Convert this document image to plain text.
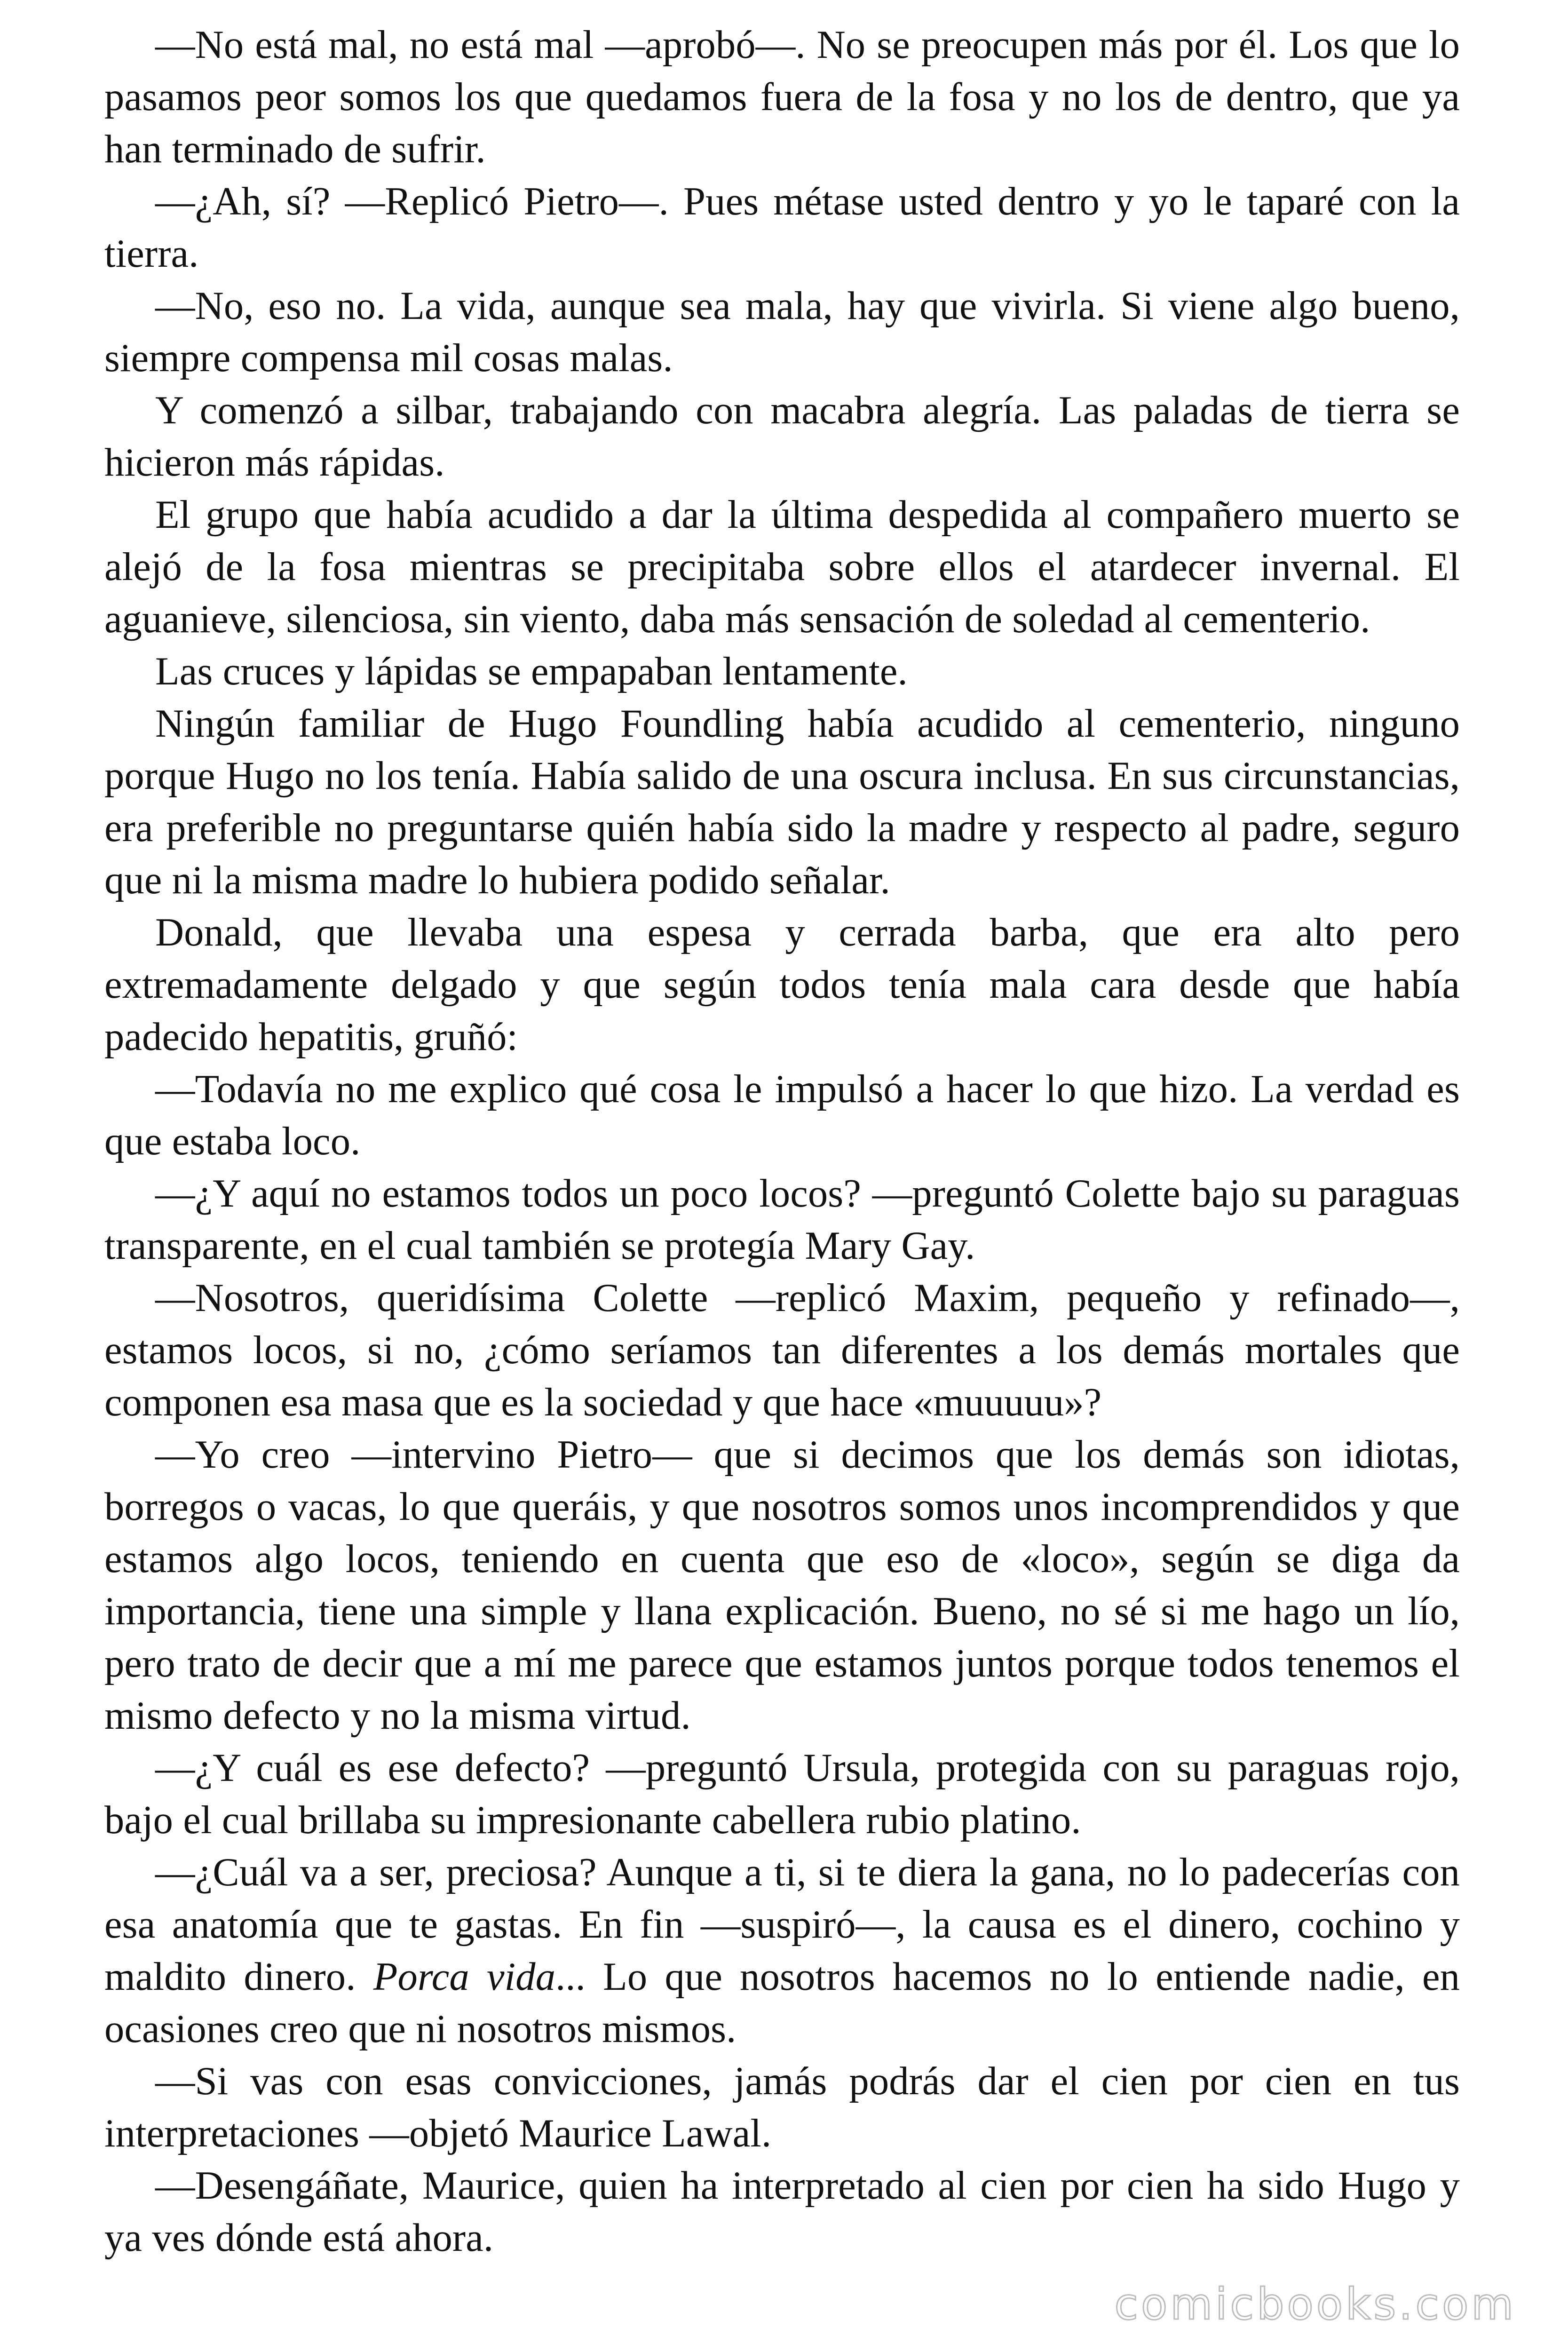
—No está mal, no está mal —aprobó—. No se preocupen más por él. Los que lo pasamos peor somos los que quedamos fuera de la fosa y no los de dentro, que ya han terminado de sufrir.

—¿Ah, sí? —Replicó Pietro—. Pues métase usted dentro y yo le taparé con la tierra.

—No, eso no. La vida, aunque sea mala, hay que vivirla. Si viene algo bueno, siempre compensa mil cosas malas.

Y comenzó a silbar, trabajando con macabra alegría. Las paladas de tierra se hicieron más rápidas.

El grupo que había acudido a dar la última despedida al compañero muerto se alejó de la fosa mientras se precipitaba sobre ellos el atardecer invernal. El aguanieve, silenciosa, sin viento, daba más sensación de soledad al cementerio.

Las cruces y lápidas se empapaban lentamente.

Ningún familiar de Hugo Foundling había acudido al cementerio, ninguno porque Hugo no los tenía. Había salido de una oscura inclusa. En sus circunstancias, era preferible no preguntarse quién había sido la madre y respecto al padre, seguro que ni la misma madre lo hubiera podido señalar.

Donald, que llevaba una espesa y cerrada barba, que era alto pero extremadamente delgado y que según todos tenía mala cara desde que había padecido hepatitis, gruñó:

—Todavía no me explico qué cosa le impulsó a hacer lo que hizo. La verdad es que estaba loco.

—¿Y aquí no estamos todos un poco locos? —preguntó Colette bajo su paraguas transparente, en el cual también se protegía Mary Gay.

—Nosotros, queridísima Colette —replicó Maxim, pequeño y refinado—, estamos locos, si no, ¿cómo seríamos tan diferentes a los demás mortales que componen esa masa que es la sociedad y que hace «muuuuu»?

—Yo creo —intervino Pietro— que si decimos que los demás son idiotas, borregos o vacas, lo que queráis, y que nosotros somos unos incomprendidos y que estamos algo locos, teniendo en cuenta que eso de «loco», según se diga da importancia, tiene una simple y llana explicación. Bueno, no sé si me hago un lío, pero trato de decir que a mí me parece que estamos juntos porque todos tenemos el mismo defecto y no la misma virtud.

—¿Y cuál es ese defecto? —preguntó Ursula, protegida con su paraguas rojo, bajo el cual brillaba su impresionante cabellera rubio platino.

—¿Cuál va a ser, preciosa? Aunque a ti, si te diera la gana, no lo padecerías con esa anatomía que te gastas. En fin —suspiró—, la causa es el dinero, cochino y maldito dinero. Porca vida... Lo que nosotros hacemos no lo entiende nadie, en ocasiones creo que ni nosotros mismos.

—Si vas con esas convicciones, jamás podrás dar el cien por cien en tus interpretaciones —objetó Maurice Lawal.

—Desengáñate, Maurice, quien ha interpretado al cien por cien ha sido Hugo y ya ves dónde está ahora.

comicbooks.com
